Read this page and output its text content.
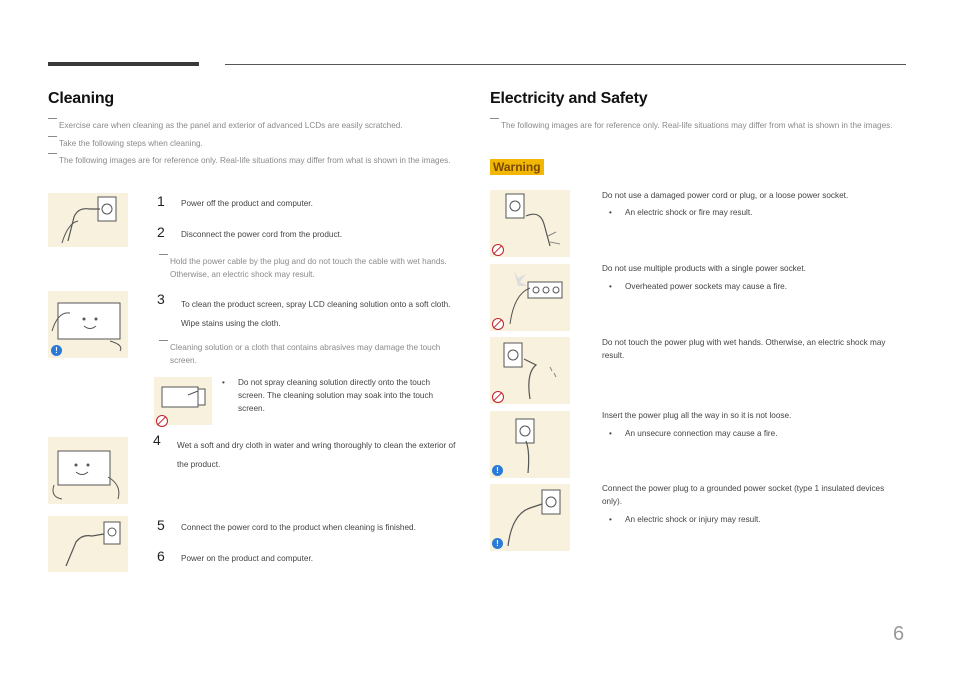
Cleaning
Exercise care when cleaning as the panel and exterior of advanced LCDs are easily scratched.
Take the following steps when cleaning.
The following images are for reference only. Real-life situations may differ from what is shown in the images.
1 Power off the product and computer.
2 Disconnect the power cord from the product.
Hold the power cable by the plug and do not touch the cable with wet hands. Otherwise, an electric shock may result.
!
3 To clean the product screen, spray LCD cleaning solution onto a soft cloth. Wipe stains using the cloth.
Cleaning solution or a cloth that contains abrasives may damage the touch screen.
• Do not spray cleaning solution directly onto the touch screen. The cleaning solution may soak into the touch screen.
4 Wet a soft and dry cloth in water and wring thoroughly to clean the exterior of the product.
5 Connect the power cord to the product when cleaning is finished.
6 Power on the product and computer.
Electricity and Safety
The following images are for reference only. Real-life situations may differ from what is shown in the images.
Warning
Do not use a damaged power cord or plug, or a loose power socket.
• An electric shock or fire may result.
Do not use multiple products with a single power socket.
• Overheated power sockets may cause a fire.
Do not touch the power plug with wet hands. Otherwise, an electric shock may result.
!
Insert the power plug all the way in so it is not loose.
• An unsecure connection may cause a fire.
!
Connect the power plug to a grounded power socket (type 1 insulated devices only).
• An electric shock or injury may result.
6
